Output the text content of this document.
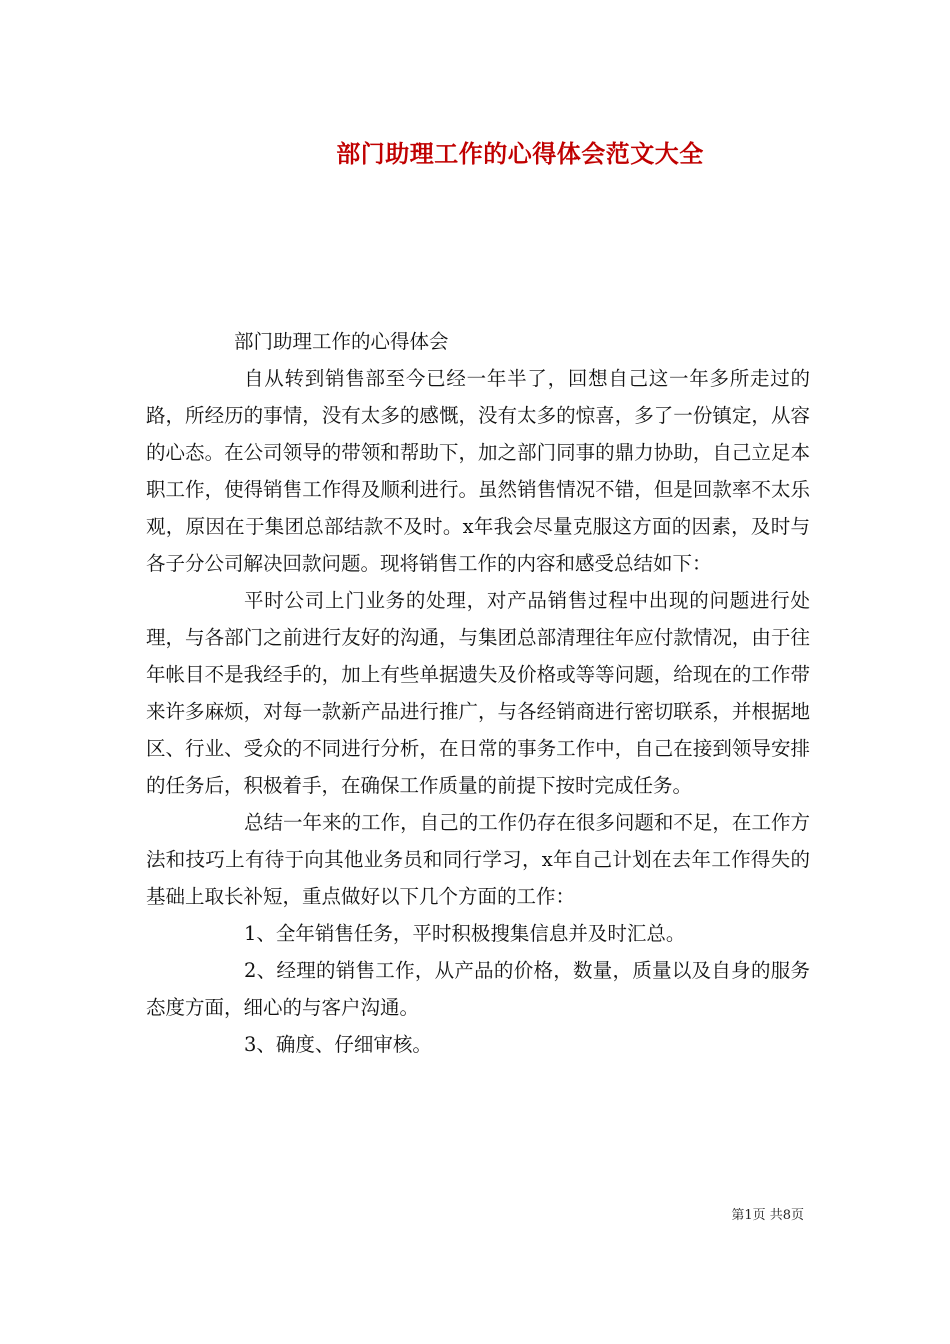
部门助理工作的心得体会范文大全

部门助理工作的心得体会

自从转到销售部至今已经一年半了，回想自己这一年多所走过的路，所经历的事情，没有太多的感慨，没有太多的惊喜，多了一份镇定，从容的心态。在公司领导的带领和帮助下，加之部门同事的鼎力协助，自己立足本职工作，使得销售工作得及顺利进行。虽然销售情况不错，但是回款率不太乐观，原因在于集团总部结款不及时。x年我会尽量克服这方面的因素，及时与各子分公司解决回款问题。现将销售工作的内容和感受总结如下：

平时公司上门业务的处理，对产品销售过程中出现的问题进行处理，与各部门之前进行友好的沟通，与集团总部清理往年应付款情况，由于往年帐目不是我经手的，加上有些单据遗失及价格或等等问题，给现在的工作带来许多麻烦，对每一款新产品进行推广，与各经销商进行密切联系，并根据地区、行业、受众的不同进行分析，在日常的事务工作中，自己在接到领导安排的任务后，积极着手，在确保工作质量的前提下按时完成任务。

总结一年来的工作，自己的工作仍存在很多问题和不足，在工作方法和技巧上有待于向其他业务员和同行学习，x年自己计划在去年工作得失的基础上取长补短，重点做好以下几个方面的工作：

1、全年销售任务，平时积极搜集信息并及时汇总。

2、经理的销售工作，从产品的价格，数量，质量以及自身的服务态度方面，细心的与客户沟通。

3、确度、仔细审核。

第1页 共8页
